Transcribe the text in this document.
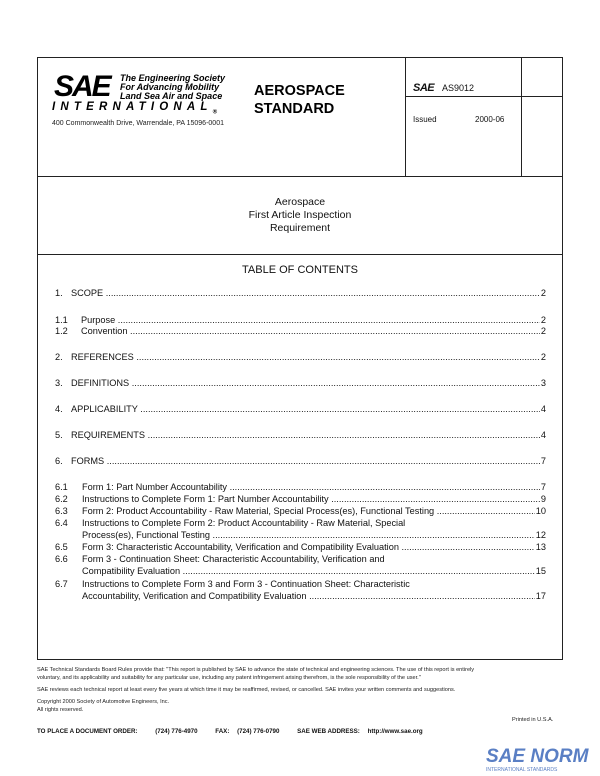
SAE The Engineering Society
For Advancing Mobility
Land Sea Air and Space
$INTERNATIONAL_®$
400 Commonwealth Drive, Warrendale, PA 15096-0001
AEROSPACE
STANDARD
SAE AS9012
Issued	2000-06
Aerospace
First Article Inspection
Requirement
TABLE OF CONTENTS
1. SCOPE .....	2
1.1 Purpose .....	2
1.2 Convention .....	2
2. REFERENCES .....	2
3. DEFINITIONS .....	3
4. APPLICABILITY .....	4
5. REQUIREMENTS .....	4
6. FORMS .....	7
6.1 Form 1: Part Number Accountability .....	7
6.2 Instructions to Complete Form 1: Part Number Accountability .....	9
6.3 Form 2: Product Accountability - Raw Material, Special Process(es), Functional Testing .....	10
6.4 Instructions to Complete Form 2: Product Accountability - Raw Material, Special
Process(es), Functional Testing .....	12
6.5 Form 3: Characteristic Accountability, Verification and Compatibility Evaluation .....	13
6.6 Form 3 - Continuation Sheet: Characteristic Accountability, Verification and
Compatibility Evaluation .....	15
6.7 Instructions to Complete Form 3 and Form 3 - Continuation Sheet: Characteristic
Accountability, Verification and Compatibility Evaluation .....	17
SAE Technical Standards Board Rules provide that: "This report is published by SAE to advance the state of technical and engineering sciences. The use of this report is entirely
voluntary, and its applicability and suitability for any particular use, including any patent infringement arising therefrom, is the sole responsibility of the user."
SAE reviews each technical report at least every five years at which time it may be reaffirmed, revised, or cancelled. SAE invites your written comments and suggestions.
Copyright 2000 Society of Automotive Engineers, Inc.
All rights reserved.
Printed in U.S.A.
TO PLACE A DOCUMENT ORDER:	(724) 776-4970	FAX: (724) 776-0790	SAE WEB ADDRESS: http://www.sae.org
SAE NORM
INTERNATIONAL STANDARDS
